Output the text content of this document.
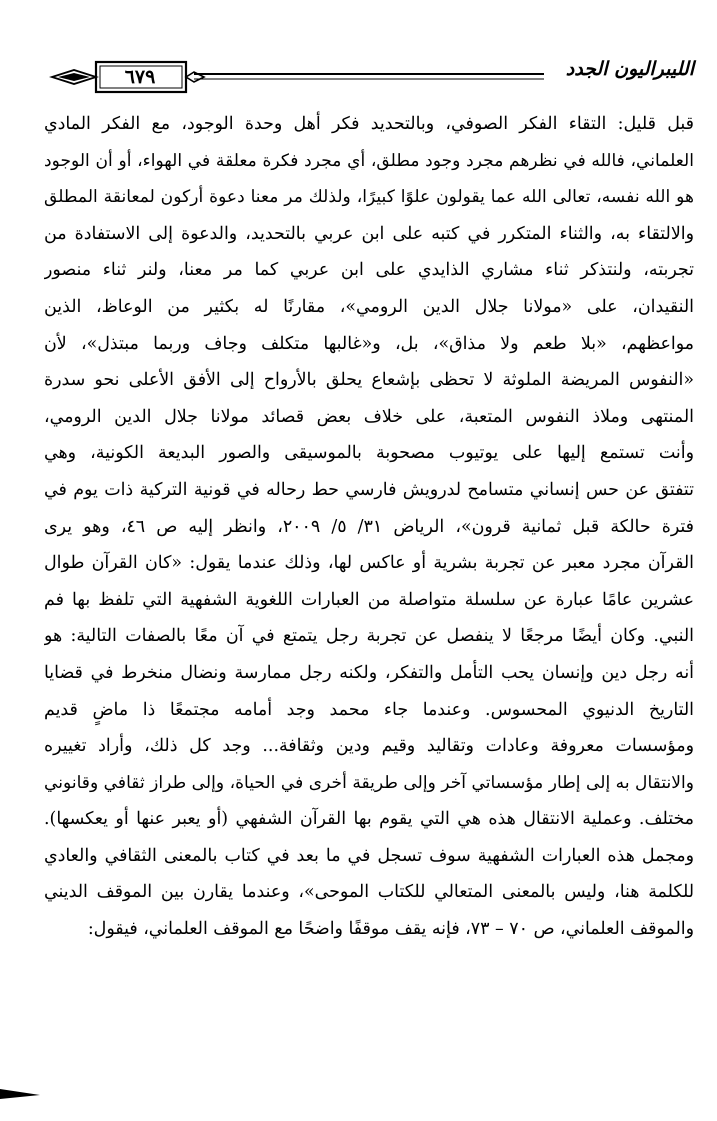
٦٧٩	الليبراليون الجدد
قبل قليل: التقاء الفكر الصوفي، وبالتحديد فكر أهل وحدة الوجود، مع الفكر المادي
العلماني، فالله في نظرهم مجرد وجود مطلق، أي مجرد فكرة معلقة في الهواء، أو أن الوجود
هو الله نفسه، تعالى الله عما يقولون علوًا كبيرًا، ولذلك مر معنا دعوة أركون لمعانقة المطلق
والالتقاء به، والثناء المتكرر في كتبه على ابن عربي بالتحديد، والدعوة إلى الاستفادة من
تجربته، ولنتذكر ثناء مشاري الذايدي على ابن عربي كما مر معنا، ولنر ثناء منصور
النقيدان، على «مولانا جلال الدين الرومي»، مقارنًا له بكثير من الوعاظ، الذين
مواعظهم، «بلا طعم ولا مذاق»، بل، و«غالبها متكلف وجاف وربما مبتذل»، لأن
«النفوس المريضة الملوثة لا تحظى بإشعاع يحلق بالأرواح إلى الأفق الأعلى نحو سدرة
المنتهى وملاذ النفوس المتعبة، على خلاف بعض قصائد مولانا جلال الدين الرومي،
وأنت تستمع إليها على يوتيوب مصحوبة بالموسيقى والصور البديعة الكونية، وهي
تتفتق عن حس إنساني متسامح لدرويش فارسي حط رحاله في قونية التركية ذات يوم في
فترة حالكة قبل ثمانية قرون»، الرياض ٣١/ ٥/ ٢٠٠٩، وانظر إليه ص ٤٦، وهو يرى
القرآن مجرد معبر عن تجربة بشرية أو عاكس لها، وذلك عندما يقول: «كان القرآن طوال
عشرين عامًا عبارة عن سلسلة متواصلة من العبارات اللغوية الشفهية التي تلفظ بها فم
النبي. وكان أيضًا مرجعًا لا ينفصل عن تجربة رجل يتمتع في آن معًا بالصفات التالية: هو
أنه رجل دين وإنسان يحب التأمل والتفكر، ولكنه رجل ممارسة ونضال منخرط في قضايا
التاريخ الدنيوي المحسوس. وعندما جاء محمد وجد أمامه مجتمعًا ذا ماضٍ قديم
ومؤسسات معروفة وعادات وتقاليد وقيم ودين وثقافة... وجد كل ذلك، وأراد تغييره
والانتقال به إلى إطار مؤسساتي آخر وإلى طريقة أخرى في الحياة، وإلى طراز ثقافي وقانوني
مختلف. وعملية الانتقال هذه هي التي يقوم بها القرآن الشفهي (أو يعبر عنها أو يعكسها).
ومجمل هذه العبارات الشفهية سوف تسجل في ما بعد في كتاب بالمعنى الثقافي والعادي
للكلمة هنا، وليس بالمعنى المتعالي للكتاب الموحى»، وعندما يقارن بين الموقف الديني
والموقف العلماني، ص ٧٠ – ٧٣، فإنه يقف موقفًا واضحًا مع الموقف العلماني، فيقول:
